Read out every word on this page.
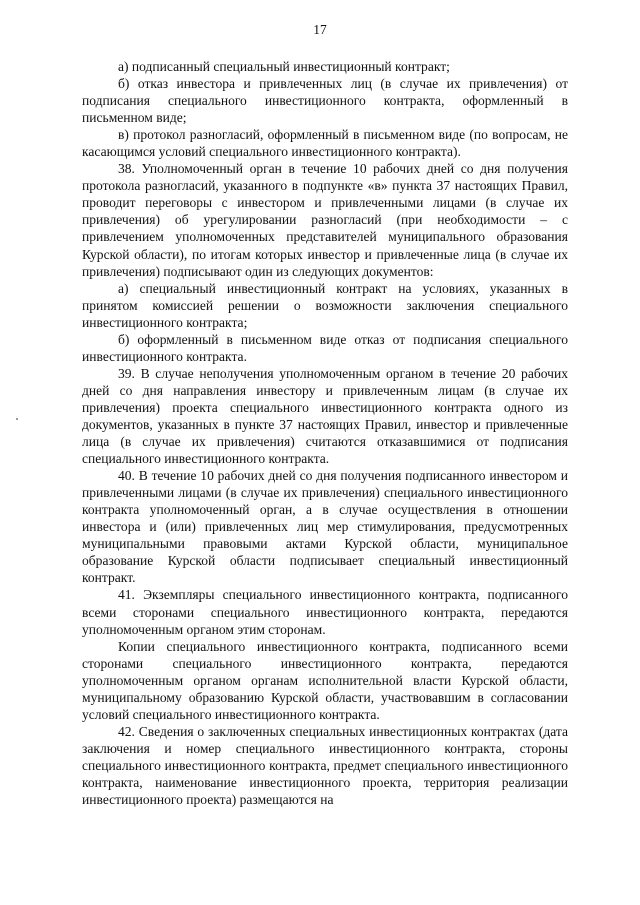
17

а) подписанный специальный инвестиционный контракт;

б) отказ инвестора и привлеченных лиц (в случае их привлечения) от подписания специального инвестиционного контракта, оформленный в письменном виде;

в) протокол разногласий, оформленный в письменном виде (по вопросам, не касающимся условий специального инвестиционного контракта).

38. Уполномоченный орган в течение 10 рабочих дней со дня получения протокола разногласий, указанного в подпункте «в» пункта 37 настоящих Правил, проводит переговоры с инвестором и привлеченными лицами (в случае их привлечения) об урегулировании разногласий (при необходимости – с привлечением уполномоченных представителей муниципального образования Курской области), по итогам которых инвестор и привлеченные лица (в случае их привлечения) подписывают один из следующих документов:

а) специальный инвестиционный контракт на условиях, указанных в принятом комиссией решении о возможности заключения специального инвестиционного контракта;

б) оформленный в письменном виде отказ от подписания специального инвестиционного контракта.

39. В случае неполучения уполномоченным органом в течение 20 рабочих дней со дня направления инвестору и привлеченным лицам (в случае их привлечения) проекта специального инвестиционного контракта одного из документов, указанных в пункте 37 настоящих Правил, инвестор и привлеченные лица (в случае их привлечения) считаются отказавшимися от подписания специального инвестиционного контракта.

40. В течение 10 рабочих дней со дня получения подписанного инвестором и привлеченными лицами (в случае их привлечения) специального инвестиционного контракта уполномоченный орган, а в случае осуществления в отношении инвестора и (или) привлеченных лиц мер стимулирования, предусмотренных муниципальными правовыми актами Курской области, муниципальное образование Курской области подписывает специальный инвестиционный контракт.

41. Экземпляры специального инвестиционного контракта, подписанного всеми сторонами специального инвестиционного контракта, передаются уполномоченным органом этим сторонам.

Копии специального инвестиционного контракта, подписанного всеми сторонами специального инвестиционного контракта, передаются уполномоченным органом органам исполнительной власти Курской области, муниципальному образованию Курской области, участвовавшим в согласовании условий специального инвестиционного контракта.

42. Сведения о заключенных специальных инвестиционных контрактах (дата заключения и номер специального инвестиционного контракта, стороны специального инвестиционного контракта, предмет специального инвестиционного контракта, наименование инвестиционного проекта, территория реализации инвестиционного проекта) размещаются на
